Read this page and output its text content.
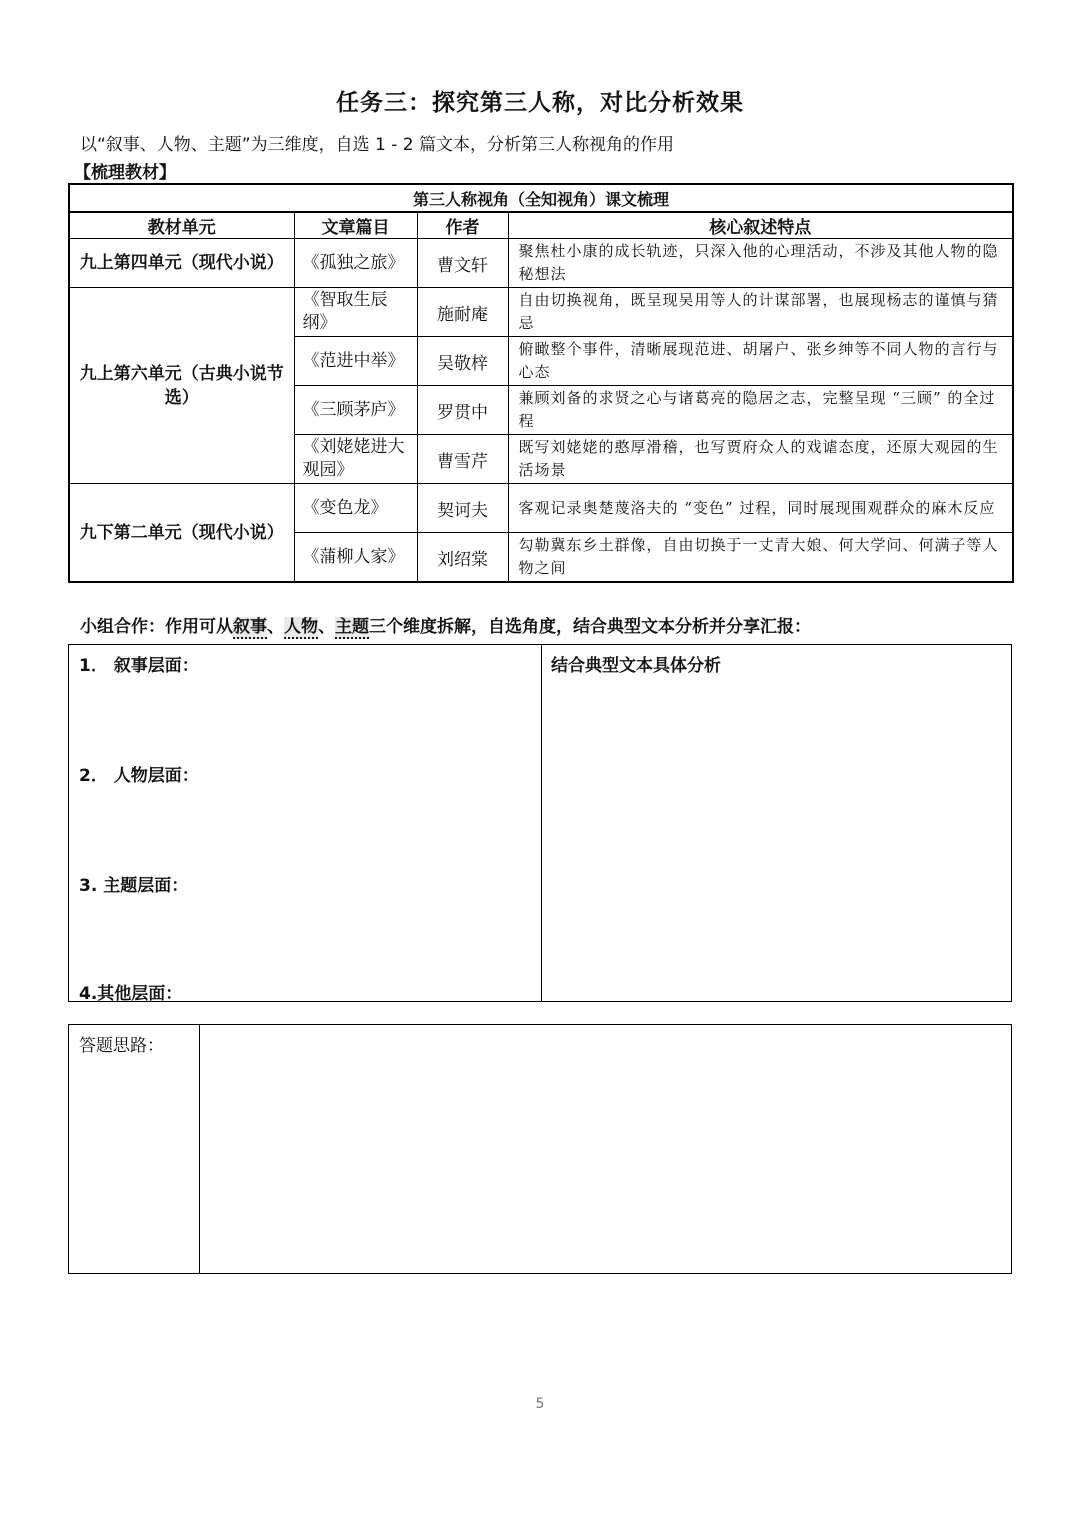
任务三：探究第三人称，对比分析效果
以“叙事、人物、主题”为三维度，自选 1 - 2 篇文本，分析第三人称视角的作用
【梳理教材】
第三人称视角（全知视角）课文梳理			
教材单元	文章篇目	作者	核心叙述特点
九上第四单元（现代小说）	《孤独之旅》	曹文轩	聚焦杜小康的成长轨迹，只深入他的心理活动，不涉及其他人物的隐秘想法
九上第六单元（古典小说节选）	《智取生辰纲》	施耐庵	自由切换视角，既呈现吴用等人的计谋部署，也展现杨志的谨慎与猜忌
	《范进中举》	吴敬梓	俯瞰整个事件，清晰展现范进、胡屠户、张乡绅等不同人物的言行与心态
	《三顾茅庐》	罗贯中	兼顾刘备的求贤之心与诸葛亮的隐居之志，完整呈现 “三顾” 的全过程
	《刘姥姥进大观园》	曹雪芹	既写刘姥姥的憨厚滑稽，也写贾府众人的戏谑态度，还原大观园的生活场景
九下第二单元（现代小说）	《变色龙》	契诃夫	客观记录奥楚蔑洛夫的 “变色” 过程，同时展现围观群众的麻木反应
	《蒲柳人家》	刘绍棠	勾勒冀东乡土群像，自由切换于一丈青大娘、何大学问、何满子等人物之间
小组合作：作用可从叙事、人物、主题三个维度拆解，自选角度，结合典型文本分析并分享汇报：
1． 叙事层面：
2． 人物层面：
3. 主题层面：
4.其他层面：
结合典型文本具体分析
答题思路：
5
